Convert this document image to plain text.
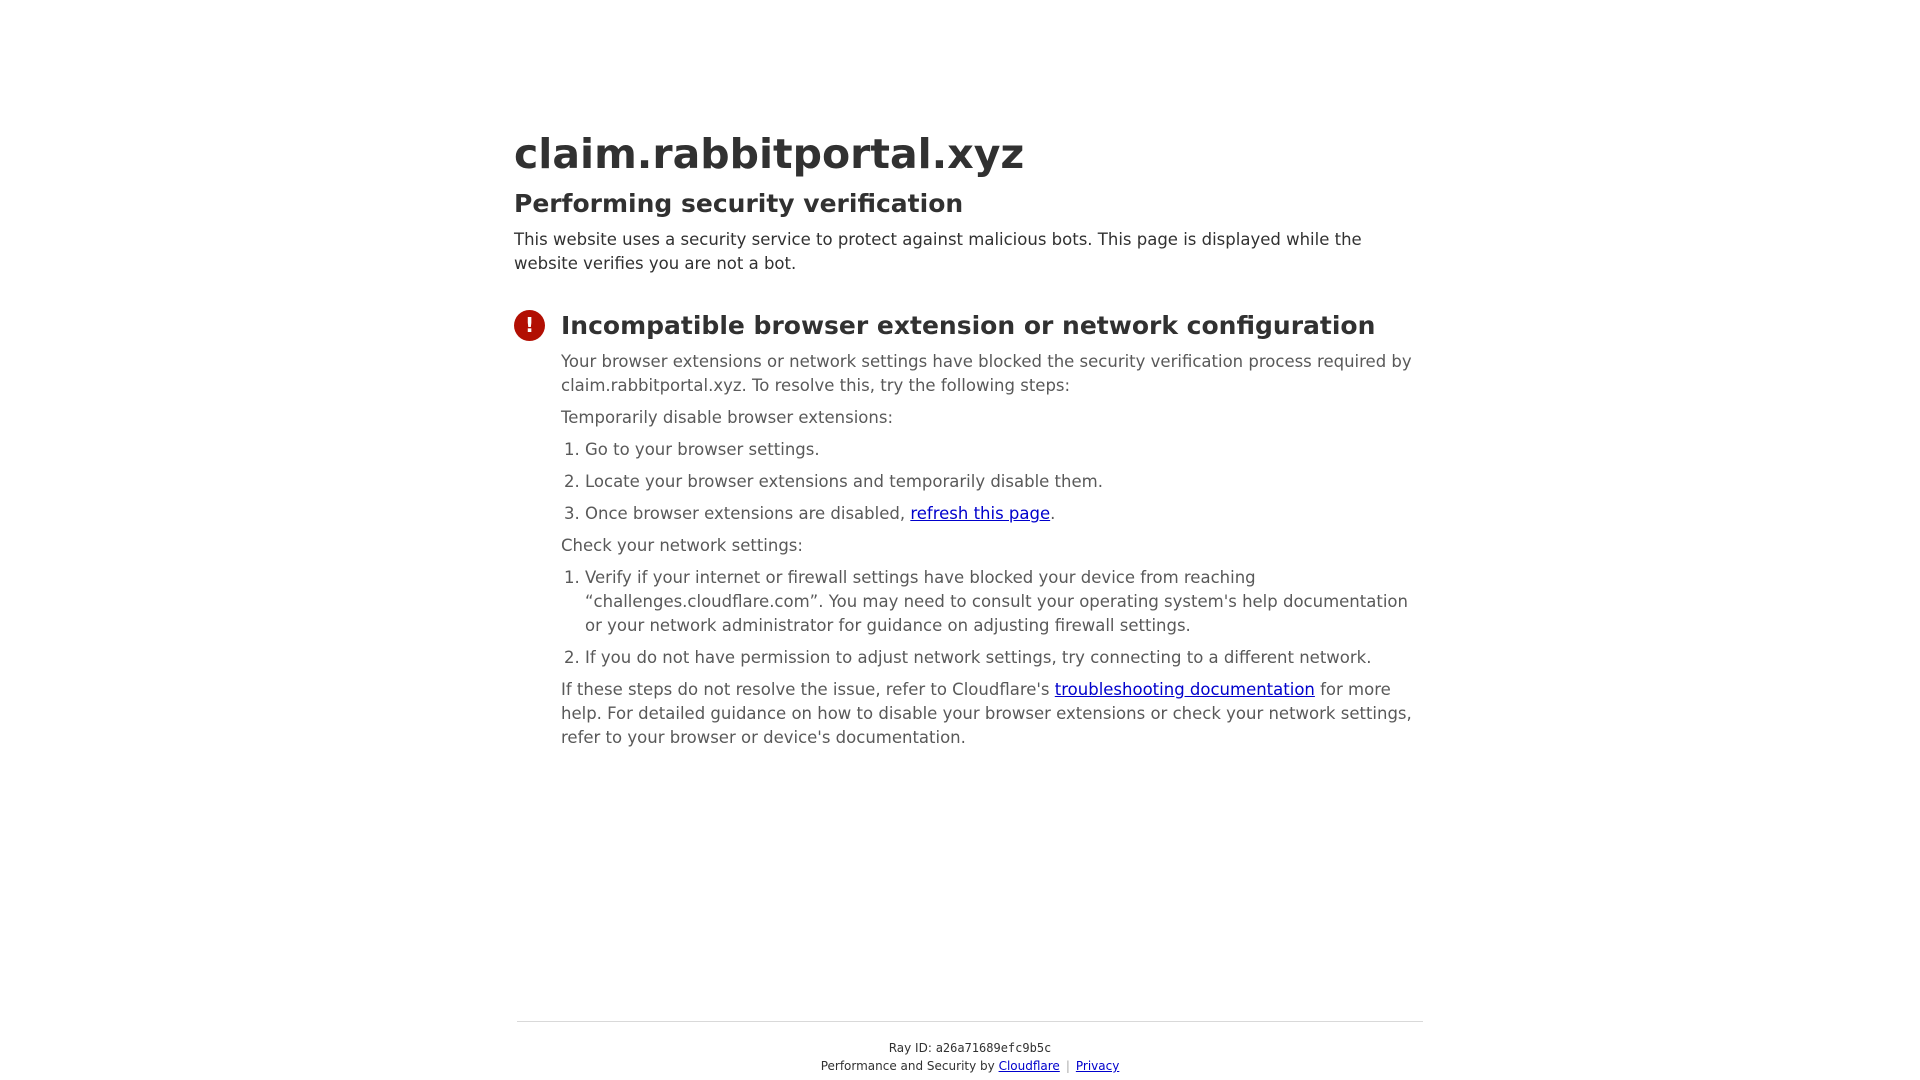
claim.rabbitportal.xyz
Performing security verification

This website uses a security service to protect against malicious bots. This page is displayed while the website verifies you are not a bot.

!	Incompatible browser extension or network configuration

Your browser extensions or network settings have blocked the security verification process required by claim.rabbitportal.xyz. To resolve this, try the following steps:

Temporarily disable browser extensions:

1. Go to your browser settings.
2. Locate your browser extensions and temporarily disable them.
3. Once browser extensions are disabled, refresh this page.

Check your network settings:

1. Verify if your internet or firewall settings have blocked your device from reaching “challenges.cloudflare.com”. You may need to consult your operating system's help documentation or your network administrator for guidance on adjusting firewall settings.
2. If you do not have permission to adjust network settings, try connecting to a different network.

If these steps do not resolve the issue, refer to Cloudflare's troubleshooting documentation for more help. For detailed guidance on how to disable your browser extensions or check your network settings, refer to your browser or device's documentation.

Ray ID: a26a71689efc9b5c
Performance and Security by Cloudflare | Privacy
